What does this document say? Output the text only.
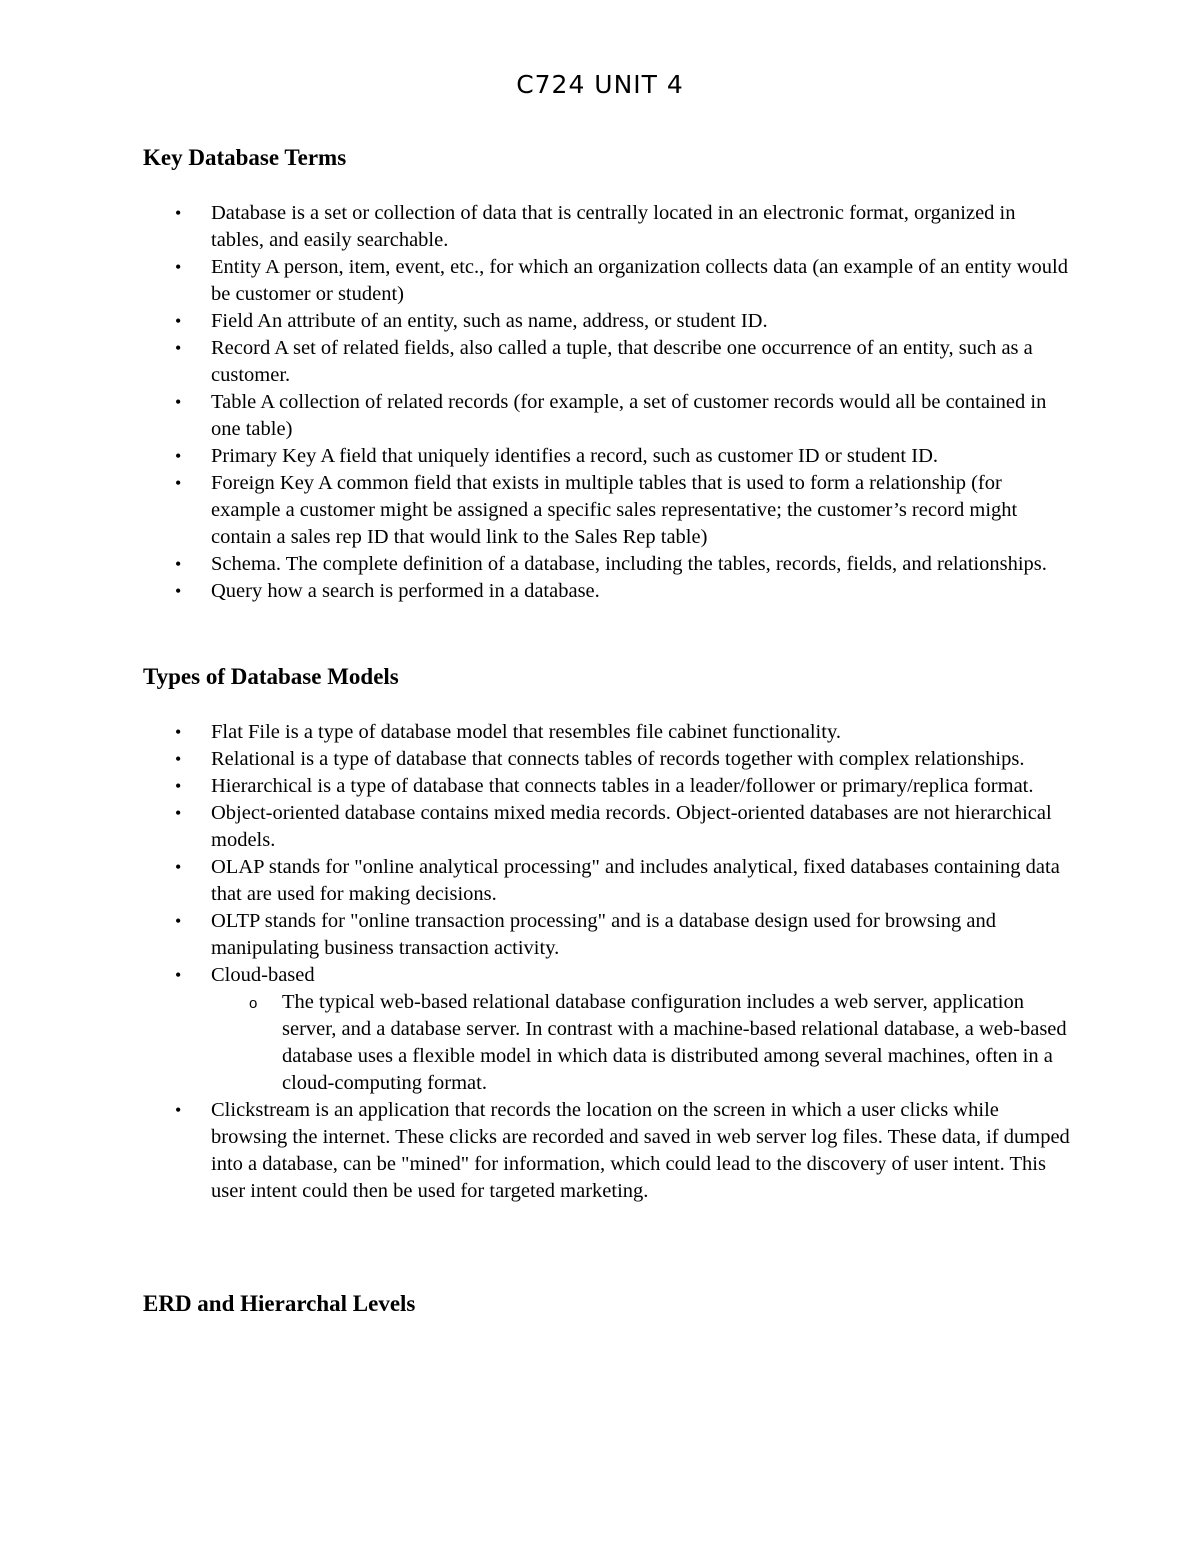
C724 UNIT 4
Key Database Terms
• Database is a set or collection of data that is centrally located in an electronic format, organized in tables, and easily searchable.
• Entity A person, item, event, etc., for which an organization collects data (an example of an entity would be customer or student)
• Field An attribute of an entity, such as name, address, or student ID.
• Record A set of related fields, also called a tuple, that describe one occurrence of an entity, such as a customer.
• Table A collection of related records (for example, a set of customer records would all be contained in one table)
• Primary Key A field that uniquely identifies a record, such as customer ID or student ID.
• Foreign Key A common field that exists in multiple tables that is used to form a relationship (for example a customer might be assigned a specific sales representative; the customer’s record might contain a sales rep ID that would link to the Sales Rep table)
• Schema. The complete definition of a database, including the tables, records, fields, and relationships.
• Query how a search is performed in a database.
Types of Database Models
• Flat File is a type of database model that resembles file cabinet functionality.
• Relational is a type of database that connects tables of records together with complex relationships.
• Hierarchical is a type of database that connects tables in a leader/follower or primary/replica format.
• Object-oriented database contains mixed media records. Object-oriented databases are not hierarchical models.
• OLAP stands for "online analytical processing" and includes analytical, fixed databases containing data that are used for making decisions.
• OLTP stands for "online transaction processing" and is a database design used for browsing and manipulating business transaction activity.
• Cloud-based
o The typical web-based relational database configuration includes a web server, application server, and a database server. In contrast with a machine-based relational database, a web-based database uses a flexible model in which data is distributed among several machines, often in a cloud-computing format.
• Clickstream is an application that records the location on the screen in which a user clicks while browsing the internet. These clicks are recorded and saved in web server log files. These data, if dumped into a database, can be "mined" for information, which could lead to the discovery of user intent. This user intent could then be used for targeted marketing.
ERD and Hierarchal Levels
